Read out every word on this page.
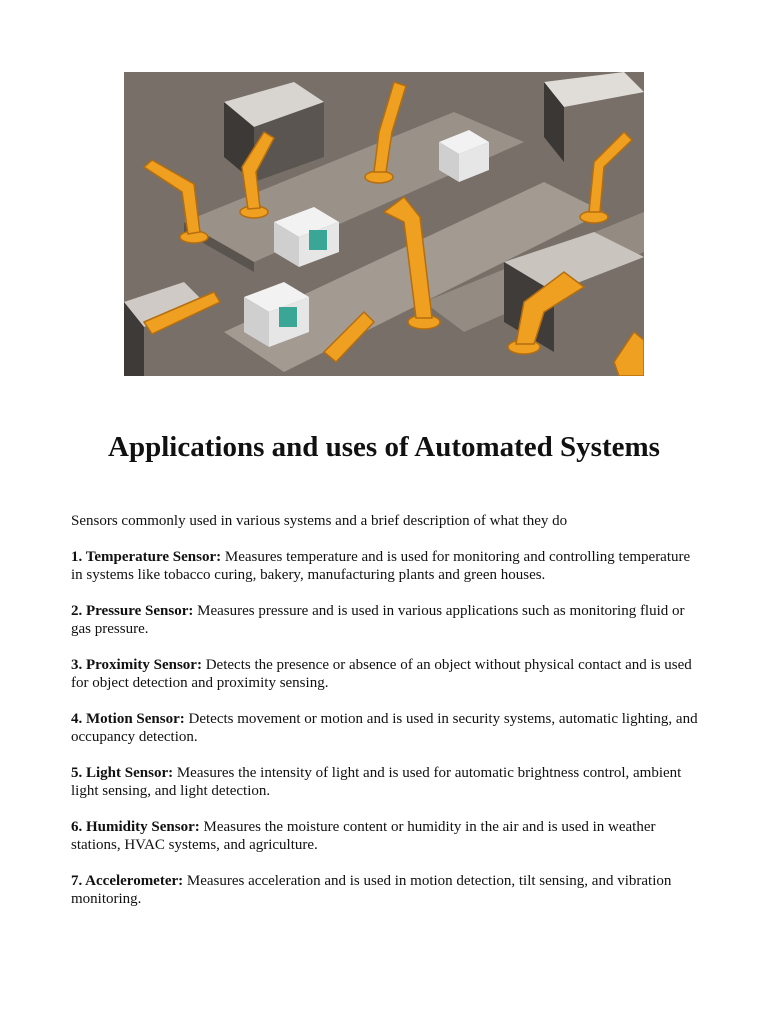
Applications and uses of Automated Systems

Sensors commonly used in various systems and a brief description of what they do

1. Temperature Sensor: Measures temperature and is used for monitoring and controlling temperature in systems like tobacco curing, bakery, manufacturing plants and green houses.

2. Pressure Sensor: Measures pressure and is used in various applications such as monitoring fluid or gas pressure.

3. Proximity Sensor: Detects the presence or absence of an object without physical contact and is used for object detection and proximity sensing.

4. Motion Sensor: Detects movement or motion and is used in security systems, automatic lighting, and occupancy detection.

5. Light Sensor: Measures the intensity of light and is used for automatic brightness control, ambient light sensing, and light detection.

6. Humidity Sensor: Measures the moisture content or humidity in the air and is used in weather stations, HVAC systems, and agriculture.

7. Accelerometer: Measures acceleration and is used in motion detection, tilt sensing, and vibration monitoring.
